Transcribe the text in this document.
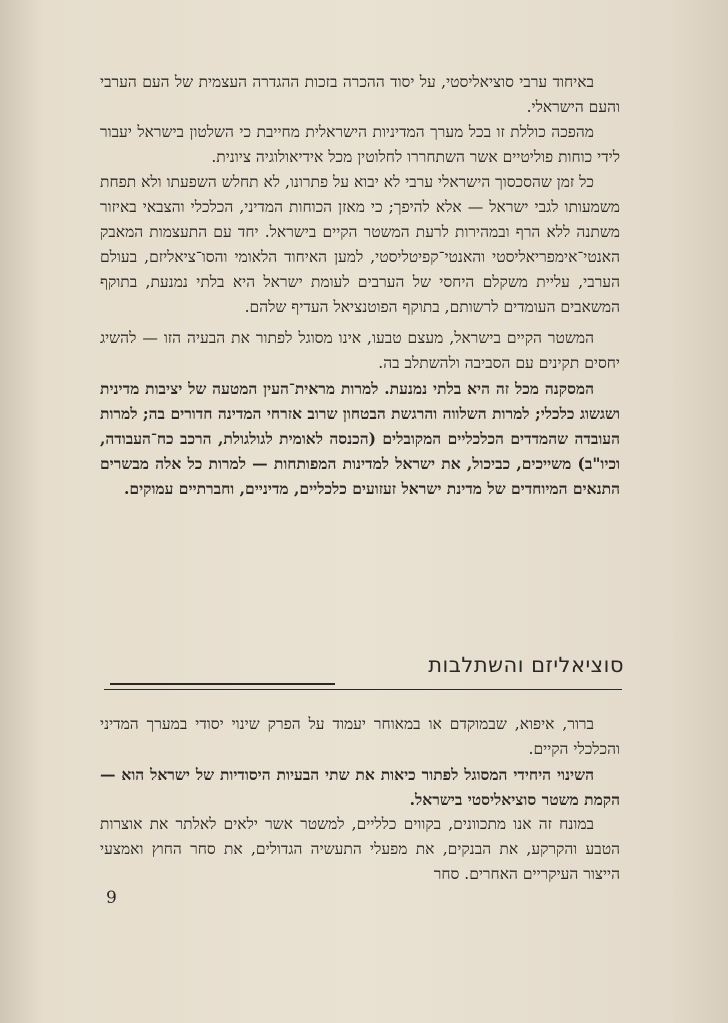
באיחוד ערבי סוציאליסטי, על יסוד ההכרה בזכות ההגדרה העצמית של העם הערבי והעם הישראלי.

מהפכה כוללת זו בכל מערך המדיניות הישראלית מחייבת כי השלטון בישראל יעבור לידי כוחות פוליטיים אשר השתחררו לחלוטין מכל אידיאולוגיה ציונית.

כל זמן שהסכסוך הישראלי ערבי לא יבוא על פתרונו, לא תחלש השפעתו ולא תפחת משמעותו לגבי ישראל — אלא להיפך; כי מאזן הכוחות המדיני, הכלכלי והצבאי באיזור משתנה ללא הרף ובמהירות לרעת המשטר הקיים בישראל. יחד עם התעצמות המאבק האנטי־אימפריאליסטי והאנטי־קפיטליסטי, למען האיחוד הלאומי והסו־ציאליזם, בעולם הערבי, עליית משקלם היחסי של הערבים לעומת ישראל היא בלתי נמנעת, בתוקף המשאבים העומדים לרשותם, בתוקף הפוטנציאל העדיף שלהם.

המשטר הקיים בישראל, מעצם טבעו, אינו מסוגל לפתור את הבעיה הזו — להשיג יחסים תקינים עם הסביבה ולהשתלב בה.

המסקנה מכל זה היא בלתי נמנעת. למרות מראית־העין המטעה של יציבות מדינית ושגשוג כלכלי; למרות השלווה והרגשת הבטחון שרוב אזרחי המדינה חדורים בה; למרות העובדה שהמדדים הכלכליים המקובלים (הכנסה לאומית לגולגולת, הרכב כח־העבודה, וכיו"ב) משייכים, כביכול, את ישראל למדינות המפותחות — למרות כל אלה מבשרים התנאים המיוחדים של מדינת ישראל זעזועים כלכליים, מדיניים, וחברתיים עמוקים.

סוציאליזם והשתלבות

ברור, איפוא, שבמוקדם או במאוחר יעמוד על הפרק שינוי יסודי במערך המדיני והכלכלי הקיים.

השינוי היחידי המסוגל לפתור כיאות את שתי הבעיות היסודיות של ישראל הוא — הקמת משטר סוציאליסטי בישראל.

במונח זה אנו מתכוונים, בקווים כלליים, למשטר אשר ילאים לאלתר את אוצרות הטבע והקרקע, את הבנקים, את מפעלי התעשיה הגדולים, את סחר החוץ ואמצעי הייצור העיקריים האחרים. סחר

9
